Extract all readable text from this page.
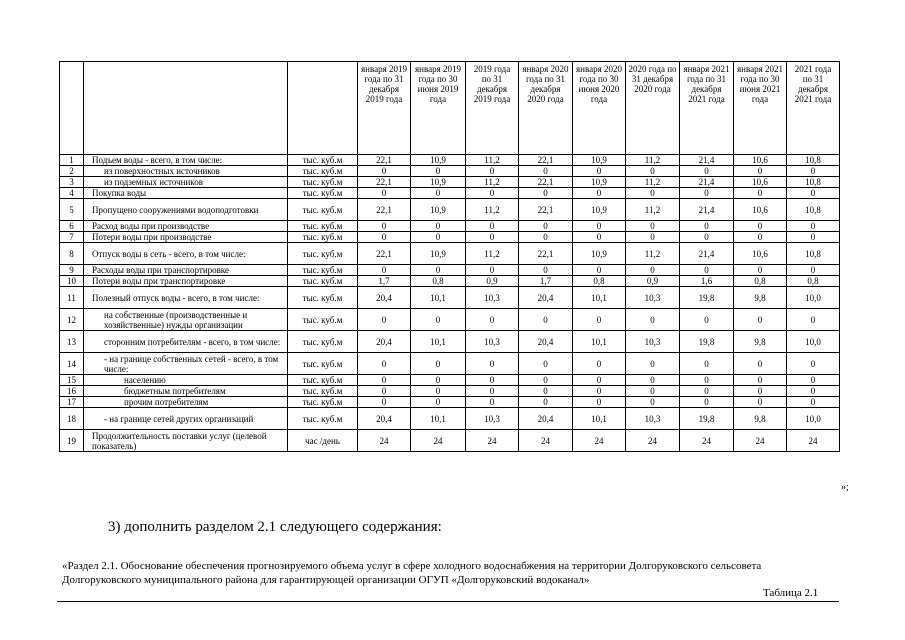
			января 2019 года по 31 декабря 2019 года	января 2019 года по 30 июня 2019 года	2019 года по 31 декабря 2019 года	января 2020 года по 31 декабря 2020 года	января 2020 года по 30 июня 2020 года	2020 года по 31 декабря 2020 года	января 2021 года по 31 декабря 2021 года	января 2021 года по 30 июня 2021 года	2021 года по 31 декабря 2021 года
1	Подъем воды - всего, в том числе:	тыс. куб.м	22,1	10,9	11,2	22,1	10,9	11,2	21,4	10,6	10,8
2	из поверхностных источников	тыс. куб.м	0	0	0	0	0	0	0	0	0
3	из подземных источников	тыс. куб.м	22,1	10,9	11,2	22,1	10,9	11,2	21,4	10,6	10,8
4	Покупка воды	тыс. куб.м	0	0	0	0	0	0	0	0	0
5	Пропущено сооружениями водоподготовки	тыс. куб.м	22,1	10,9	11,2	22,1	10,9	11,2	21,4	10,6	10,8
6	Расход воды при производстве	тыс. куб.м	0	0	0	0	0	0	0	0	0
7	Потери воды при производстве	тыс. куб.м	0	0	0	0	0	0	0	0	0
8	Отпуск воды в сеть - всего, в том числе:	тыс. куб.м	22,1	10,9	11,2	22,1	10,9	11,2	21,4	10,6	10,8
9	Расходы воды при транспортировке	тыс. куб.м	0	0	0	0	0	0	0	0	0
10	Потери воды при транспортировке	тыс. куб.м	1,7	0,8	0,9	1,7	0,8	0,9	1,6	0,8	0,8
11	Полезный отпуск воды - всего, в том числе:	тыс. куб.м	20,4	10,1	10,3	20,4	10,1	10,3	19,8	9,8	10,0
12	на собственные (производственные и хозяйственные) нужды организации	тыс. куб.м	0	0	0	0	0	0	0	0	0
13	сторонним потребителям - всего, в том числе:	тыс. куб.м	20,4	10,1	10,3	20,4	10,1	10,3	19,8	9,8	10,0
14	- на границе собственных сетей - всего, в том числе:	тыс. куб.м	0	0	0	0	0	0	0	0	0
15	населению	тыс. куб.м	0	0	0	0	0	0	0	0	0
16	бюджетным потребителям	тыс. куб.м	0	0	0	0	0	0	0	0	0
17	прочим потребителям	тыс. куб.м	0	0	0	0	0	0	0	0	0
18	- на границе сетей других организаций	тыс. куб.м	20,4	10,1	10,3	20,4	10,1	10,3	19,8	9,8	10,0
19	Продолжительность поставки услуг (целевой показатель)	час /день	24	24	24	24	24	24	24	24	24
»;
3) дополнить разделом 2.1 следующего содержания:
«Раздел 2.1. Обоснование обеспечения прогнозируемого объема услуг в сфере холодного водоснабжения на территории Долгоруковского сельсовета Долгоруковского муниципального района для гарантирующей организации ОГУП «Долгоруковский водоканал»
Таблица 2.1
